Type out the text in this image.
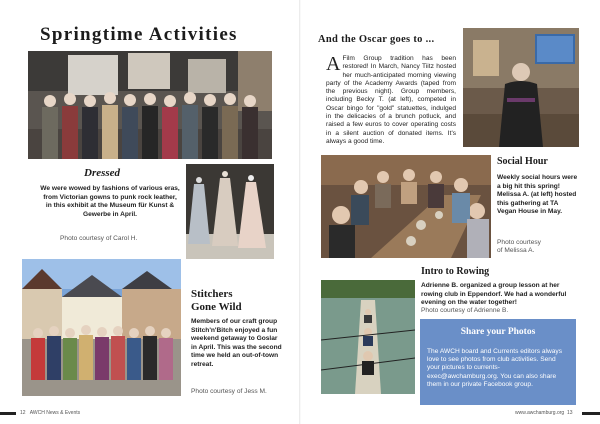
Springtime Activities
Dressed
We were wowed by fashions of various eras, from Victorian gowns to punk rock leather, in this exhibit at the Museum für Kunst & Gewerbe in April.
Photo courtesy of Carol H.
Stitchers
Gone Wild
Members of our craft group Stitch'n'Bitch enjoyed a fun weekend getaway to Goslar in April. This was the second time we held an out-of-town retreat.
Photo courtesy of Jess M.
12 AWCH News & Events
And the Oscar goes to ...
A Film Group tradition has been restored! In March, Nancy Tiitz hosted her much-anticipated morning viewing party of the Academy Awards (taped from the previous night). Group members, including Becky T. (at left), competed in Oscar bingo for "gold" statuettes, indulged in the delicacies of a brunch potluck, and raised a few euros to cover operating costs in a silent auction of donated items. It's always a good time.
Social Hour
Weekly social hours were a big hit this spring! Melissa A. (at left) hosted this gathering at TA Vegan House in May.
Photo courtesy
of Melissa A.
Intro to Rowing
Adrienne B. organized a group lesson at her rowing club in Eppendorf. We had a wonderful evening on the water together!
Photo courtesy of Adrienne B.
Share your Photos
The AWCH board and Currents editors always love to see photos from club activities. Send your pictures to currents-exec@awchamburg.org. You can also share them in our private Facebook group.
www.awchamburg.org 13
